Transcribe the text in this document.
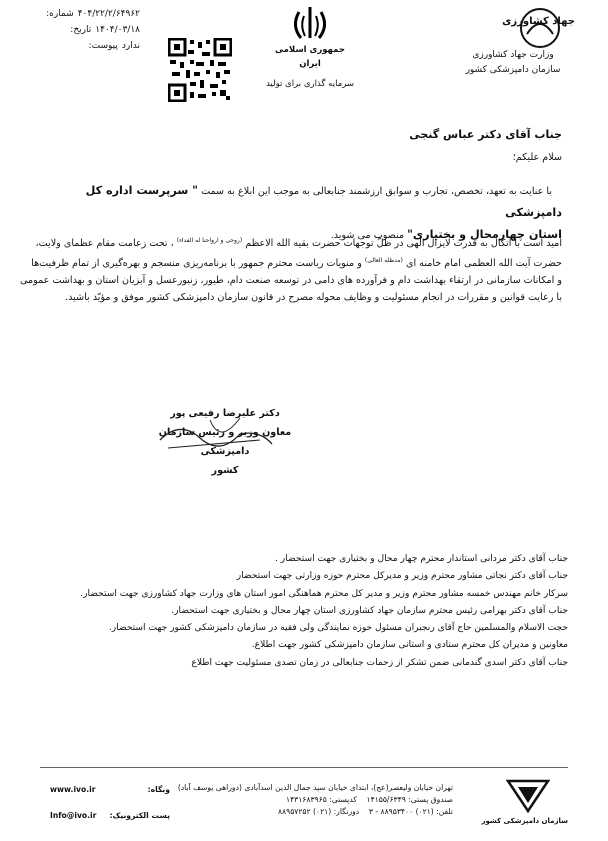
جهاد کشاورزی
وزارت جهاد کشاورزی
سازمان دامپزشکی کشور
جمهوری اسلامی ایران
سرمایه گذاری برای تولید
۴۰۴/۲۲/۲/۶۴۹۶۲
شماره:
۱۴۰۴/۰۳/۱۸
تاریخ:
ندارد
پیوست:
جناب آقای دکتر عباس گنجی
سلام علیکم؛
با عنایت به تعهد، تخصص، تجارب و سوابق ارزشمند جنابعالی به موجب این ابلاغ به سمت " سرپرست اداره کل دامپزشکی
استان چهارمحال و بختیاری" منصوب می شوید.
امید است با اتکال به قدرت لایزال الهی در ظلّ توجهات حضرت بقیه الله الاعظم $^{(روحی و ارواحنا له الفداء)}$ ، تحت زعامت مقام عظمای ولایت،
حضرت آیت الله العظمی امام خامنه ای $^{(مدظله العالی)}$ و منویات ریاست محترم جمهور با برنامه‌ریزی منسجم و بهره‌گیری از تمام ظرفیت‌ها
و امکانات سازمانی در ارتقاء بهداشت دام و فرآورده های دامی در توسعه صنعت دام، طیور، زنبورعسل و آبزیان استان و بهداشت عمومی
با رعایت قوانین و مقررات در انجام مسئولیت و وظایف محوله مصرح در قانون سازمان دامپزشکی کشور موفق و مؤیّد باشید.
دکتر علیرضا رفیعی پور
معاون وزیر و رئیس سازمان دامپزشکی
کشور
جناب آقای دکتر مردانی استاندار محترم چهار محال و بختیاری جهت استحضار .
جناب آقای دکتر نجاتی مشاور محترم وزیر و مدیرکل محترم حوزه وزارتی جهت استحضار
سرکار خانم مهندس خمسه مشاور محترم وزیر و مدیر کل محترم هماهنگی امور استان های وزارت جهاد کشاورزی جهت استحضار.
جناب آقای دکتر بهرامی رئیس محترم سازمان جهاد کشاورزی استان چهار محال و بختیاری جهت استحضار.
حجت الاسلام والمسلمین حاج آقای رنجبران مسئول حوزه نمایندگی ولی فقیه در سازمان دامپزشکی کشور جهت استحضار.
معاونین و مدیران کل محترم ستادی و استانی سازمان دامپزشکی کشور جهت اطلاع.
جناب آقای دکتر اسدی گندمانی ضمن تشکر از زحمات جنابعالی در زمان تصدی مسئولیت جهت اطلاع
سازمان دامپزشکی کشور
تهران خیابان ولیعصر(عج)، ابتدای خیابان سید جمال الدین اسدآبادی (دوراهی یوسف آباد)
صندوق پستی: ۱۴۱۵۵/۶۳۴۹    کدپستی: ۱۴۳۱۶۸۳۹۶۵
تلفن: (۰۲۱) ۸۸۹۵۳۴۰۰ - ۳    دورنگار: (۰۲۱) ۸۸۹۵۷۲۵۲
وبگاه:
www.ivo.ir
پست الکترونیک:
Info@ivo.ir
